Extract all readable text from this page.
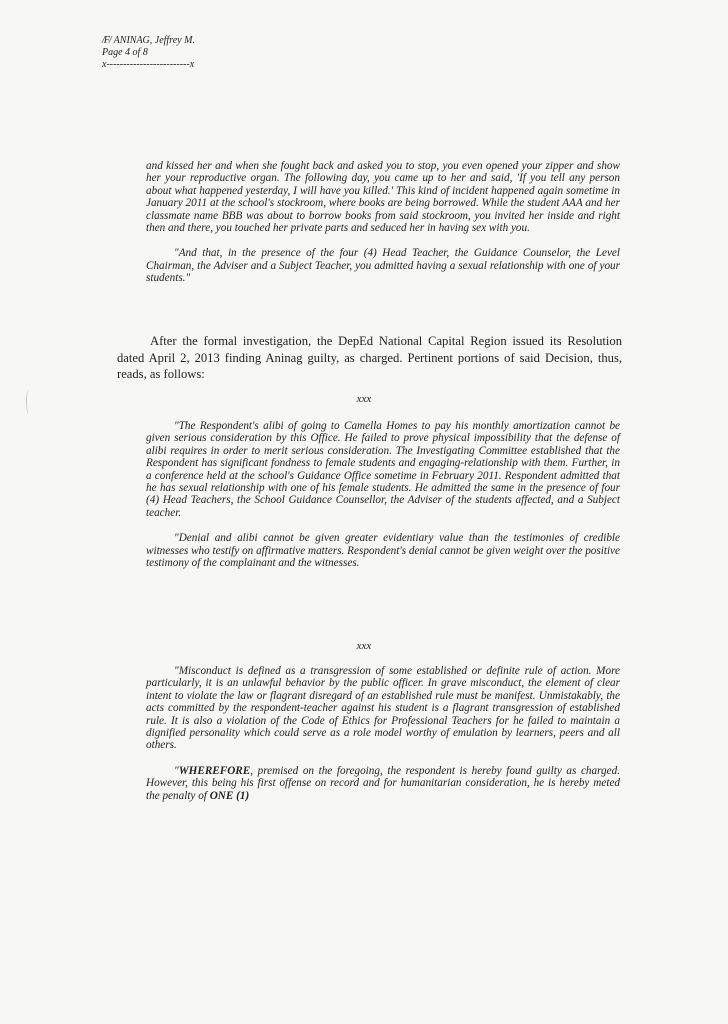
/F/ ANINAG, Jeffrey M.
Page 4 of 8
x-------------------------x

and kissed her and when she fought back and asked you to stop, you even opened your zipper and show her your reproductive organ. The following day, you came up to her and said, 'If you tell any person about what happened yesterday, I will have you killed.' This kind of incident happened again sometime in January 2011 at the school's stockroom, where books are being borrowed. While the student AAA and her classmate name BBB was about to borrow books from said stockroom, you invited her inside and right then and there, you touched her private parts and seduced her in having sex with you.

"And that, in the presence of the four (4) Head Teacher, the Guidance Counselor, the Level Chairman, the Adviser and a Subject Teacher, you admitted having a sexual relationship with one of your students."

After the formal investigation, the DepEd National Capital Region issued its Resolution dated April 2, 2013 finding Aninag guilty, as charged. Pertinent portions of said Decision, thus, reads, as follows:

xxx

"The Respondent's alibi of going to Camella Homes to pay his monthly amortization cannot be given serious consideration by this Office. He failed to prove physical impossibility that the defense of alibi requires in order to merit serious consideration. The Investigating Committee established that the Respondent has significant fondness to female students and engaging-relationship with them. Further, in a conference held at the school's Guidance Office sometime in February 2011. Respondent admitted that he has sexual relationship with one of his female students. He admitted the same in the presence of four (4) Head Teachers, the School Guidance Counsellor, the Adviser of the students affected, and a Subject teacher.

"Denial and alibi cannot be given greater evidentiary value than the testimonies of credible witnesses who testify on affirmative matters. Respondent's denial cannot be given weight over the positive testimony of the complainant and the witnesses.

xxx

"Misconduct is defined as a transgression of some established or definite rule of action. More particularly, it is an unlawful behavior by the public officer. In grave misconduct, the element of clear intent to violate the law or flagrant disregard of an established rule must be manifest. Unmistakably, the acts committed by the respondent-teacher against his student is a flagrant transgression of established rule. It is also a violation of the Code of Ethics for Professional Teachers for he failed to maintain a dignified personality which could serve as a role model worthy of emulation by learners, peers and all others.

"WHEREFORE, premised on the foregoing, the respondent is hereby found guilty as charged. However, this being his first offense on record and for humanitarian consideration, he is hereby meted the penalty of ONE (1)
